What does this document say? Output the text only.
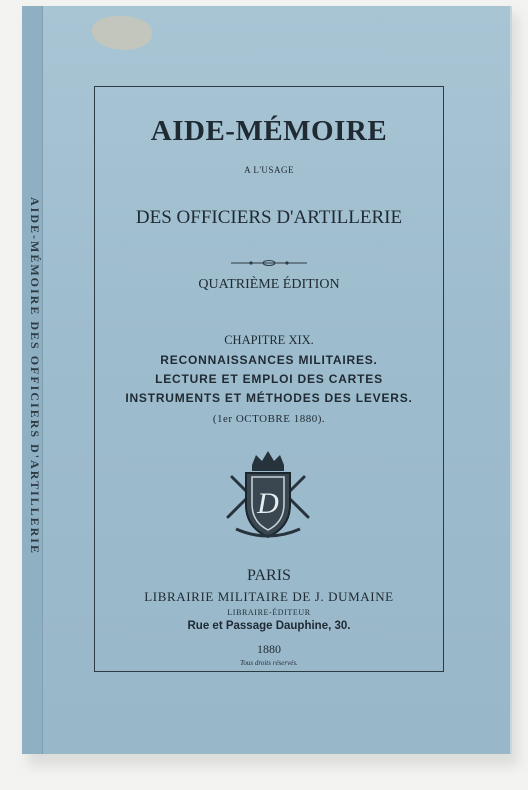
AIDE-MÉMOIRE DES OFFICIERS D'ARTILLERIE
AIDE-MÉMOIRE
A L'USAGE
DES OFFICIERS D'ARTILLERIE
QUATRIÈME ÉDITION
CHAPITRE XIX.
RECONNAISSANCES MILITAIRES.
LECTURE ET EMPLOI DES CARTES
INSTRUMENTS ET MÉTHODES DES LEVERS.
(1er OCTOBRE 1880).
D
PARIS
LIBRAIRIE MILITAIRE DE J. DUMAINE
LIBRAIRE-ÉDITEUR
Rue et Passage Dauphine, 30.
1880
Tous droits réservés.
